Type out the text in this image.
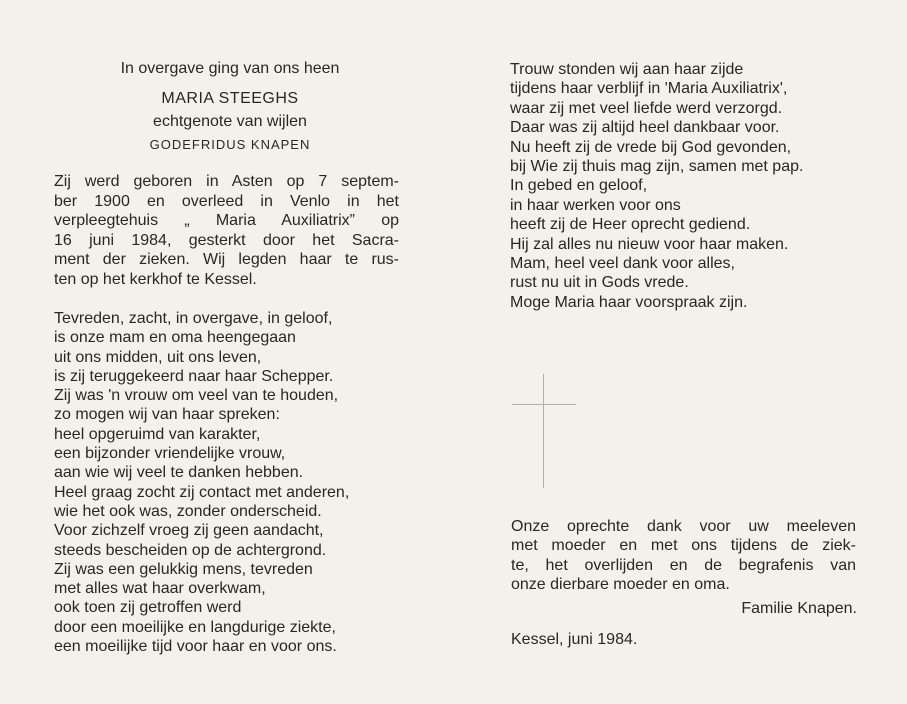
In overgave ging van ons heen
MARIA STEEGHS
echtgenote van wijlen
GODEFRIDUS KNAPEN

Zij werd geboren in Asten op 7 septem-
ber 1900 en overleed in Venlo in het
verpleegtehuis „ Maria Auxiliatrix” op
16 juni 1984, gesterkt door het Sacra-
ment der zieken. Wij legden haar te rus-
ten op het kerkhof te Kessel.

Tevreden, zacht, in overgave, in geloof,
is onze mam en oma heengegaan
uit ons midden, uit ons leven,
is zij teruggekeerd naar haar Schepper.
Zij was 'n vrouw om veel van te houden,
zo mogen wij van haar spreken:
heel opgeruimd van karakter,
een bijzonder vriendelijke vrouw,
aan wie wij veel te danken hebben.
Heel graag zocht zij contact met anderen,
wie het ook was, zonder onderscheid.
Voor zichzelf vroeg zij geen aandacht,
steeds bescheiden op de achtergrond.
Zij was een gelukkig mens, tevreden
met alles wat haar overkwam,
ook toen zij getroffen werd
door een moeilijke en langdurige ziekte,
een moeilijke tijd voor haar en voor ons.

Trouw stonden wij aan haar zijde
tijdens haar verblijf in 'Maria Auxiliatrix',
waar zij met veel liefde werd verzorgd.
Daar was zij altijd heel dankbaar voor.
Nu heeft zij de vrede bij God gevonden,
bij Wie zij thuis mag zijn, samen met pap.
In gebed en geloof,
in haar werken voor ons
heeft zij de Heer oprecht gediend.
Hij zal alles nu nieuw voor haar maken.
Mam, heel veel dank voor alles,
rust nu uit in Gods vrede.
Moge Maria haar voorspraak zijn.

Onze oprechte dank voor uw meeleven
met moeder en met ons tijdens de ziek-
te, het overlijden en de begrafenis van
onze dierbare moeder en oma.

Familie Knapen.
Kessel, juni 1984.
